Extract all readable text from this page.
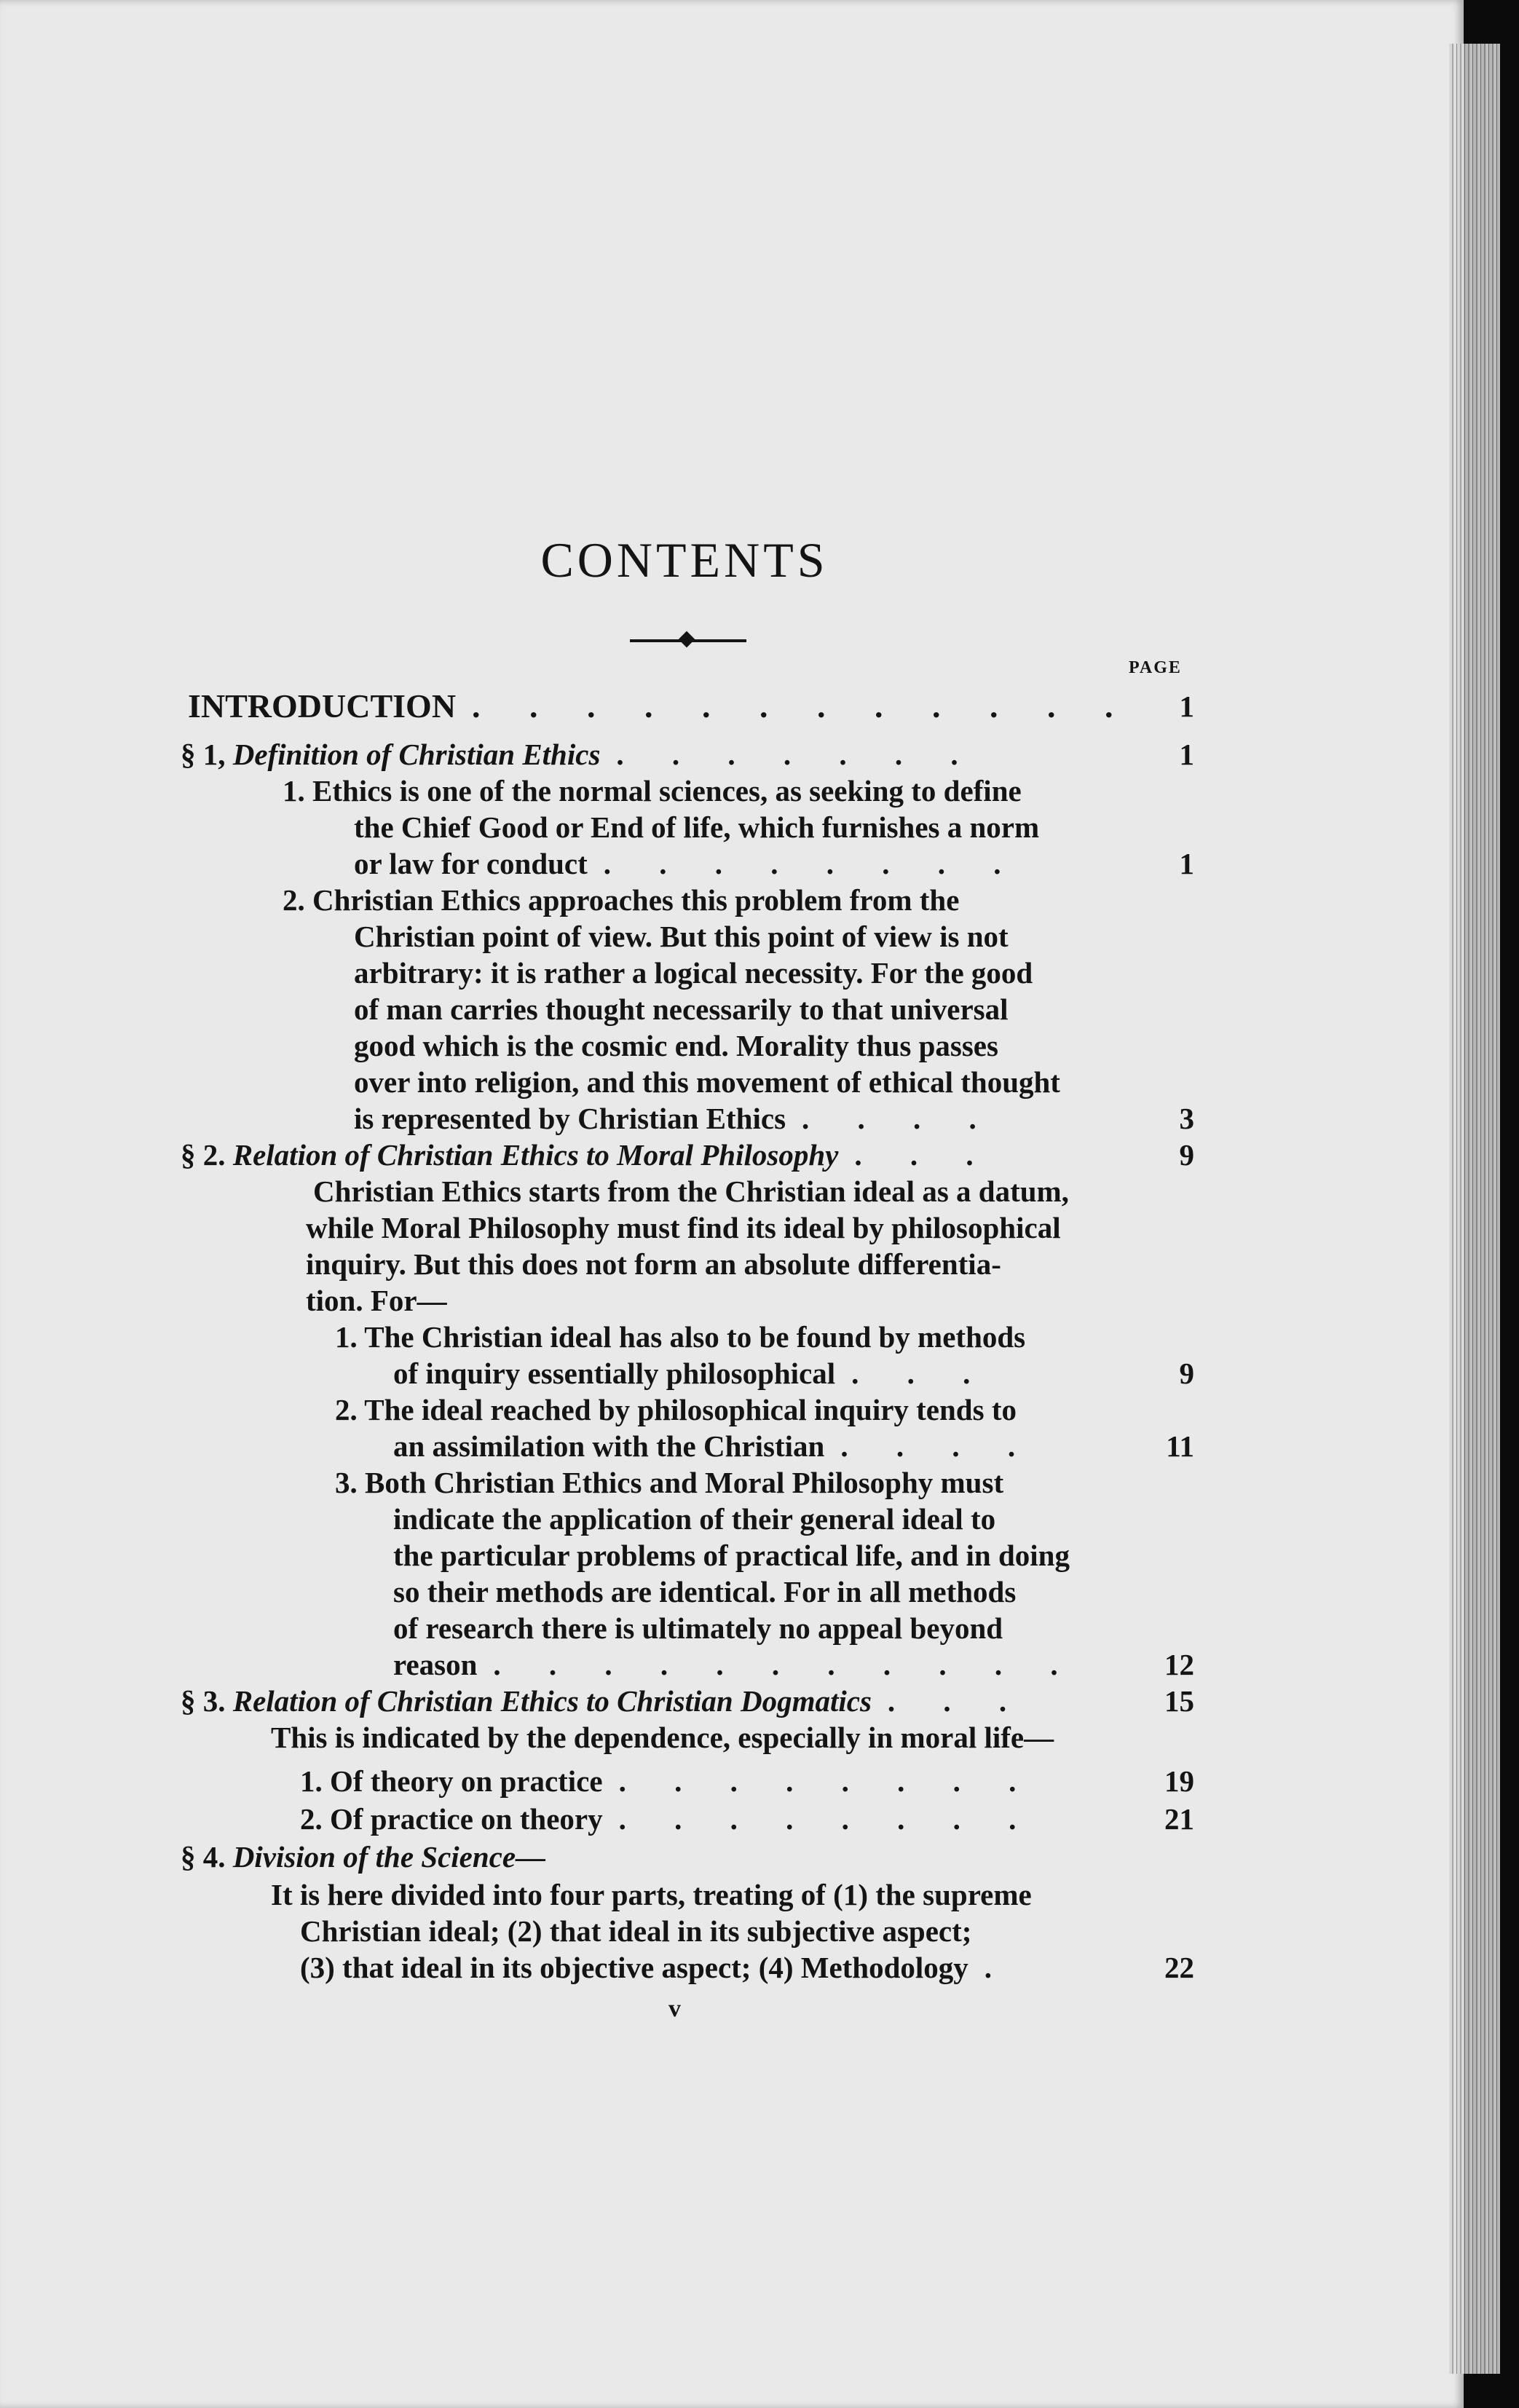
CONTENTS
PAGE
INTRODUCTION . . . . . . . . . . . .	1
§ 1, Definition of Christian Ethics . . . . . . .	1
1. Ethics is one of the normal sciences, as seeking to define
the Chief Good or End of life, which furnishes a norm
or law for conduct . . . . . . . .	1
2. Christian Ethics approaches this problem from the
Christian point of view. But this point of view is not
arbitrary: it is rather a logical necessity. For the good
of man carries thought necessarily to that universal
good which is the cosmic end. Morality thus passes
over into religion, and this movement of ethical thought
is represented by Christian Ethics . . . .	3
§ 2. Relation of Christian Ethics to Moral Philosophy . . .	9
Christian Ethics starts from the Christian ideal as a datum,
while Moral Philosophy must find its ideal by philosophical
inquiry. But this does not form an absolute differentia-
tion. For—
1. The Christian ideal has also to be found by methods
of inquiry essentially philosophical . . .	9
2. The ideal reached by philosophical inquiry tends to
an assimilation with the Christian . . . .	11
3. Both Christian Ethics and Moral Philosophy must
indicate the application of their general ideal to
the particular problems of practical life, and in doing
so their methods are identical. For in all methods
of research there is ultimately no appeal beyond
reason . . . . . . . . . . .	12
§ 3. Relation of Christian Ethics to Christian Dogmatics . . .	15
This is indicated by the dependence, especially in moral life—
1. Of theory on practice . . . . . . . .	19
2. Of practice on theory . . . . . . . .	21
§ 4. Division of the Science—
It is here divided into four parts, treating of (1) the supreme
Christian ideal; (2) that ideal in its subjective aspect;
(3) that ideal in its objective aspect; (4) Methodology .	22
v
